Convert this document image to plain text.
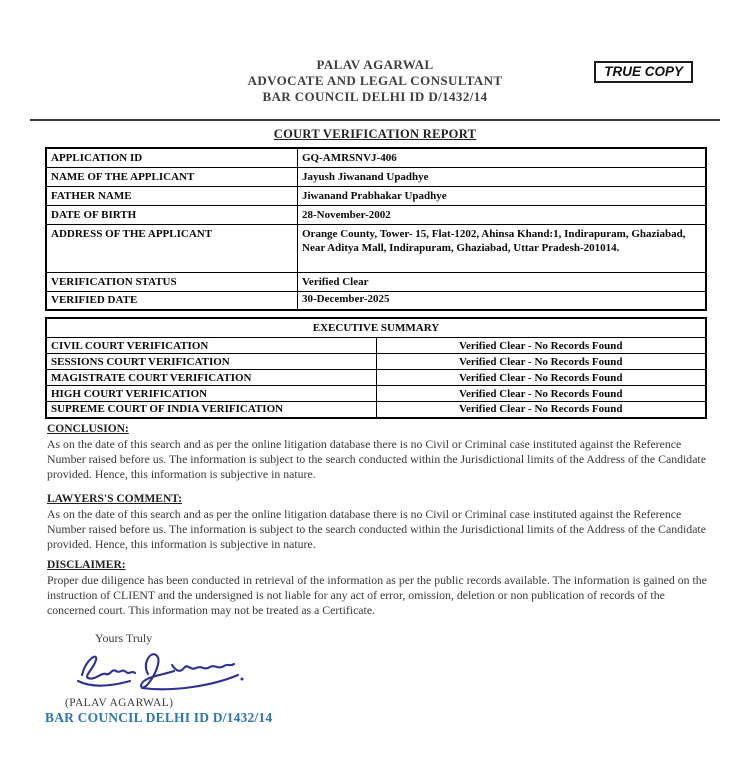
PALAV AGARWAL
ADVOCATE AND LEGAL CONSULTANT
BAR COUNCIL DELHI ID D/1432/14
TRUE COPY
COURT VERIFICATION REPORT
APPLICATION ID	GQ-AMRSNVJ-406
NAME OF THE APPLICANT	Jayush Jiwanand Upadhye
FATHER NAME	Jiwanand Prabhakar Upadhye
DATE OF BIRTH	28-November-2002
ADDRESS OF THE APPLICANT	Orange County, Tower- 15, Flat-1202, Ahinsa Khand:1, Indirapuram, Ghaziabad, Near Aditya Mall, Indirapuram, Ghaziabad, Uttar Pradesh-201014.
VERIFICATION STATUS	Verified Clear
VERIFIED DATE	30-December-2025
EXECUTIVE SUMMARY	
CIVIL COURT VERIFICATION	Verified Clear - No Records Found
SESSIONS COURT VERIFICATION	Verified Clear - No Records Found
MAGISTRATE COURT VERIFICATION	Verified Clear - No Records Found
HIGH COURT VERIFICATION	Verified Clear - No Records Found
SUPREME COURT OF INDIA VERIFICATION	Verified Clear - No Records Found
CONCLUSION:

As on the date of this search and as per the online litigation database there is no Civil or Criminal case instituted against the Reference Number raised before us. The information is subject to the search conducted within the Jurisdictional limits of the Address of the Candidate provided. Hence, this information is subjective in nature.

LAWYERS'S COMMENT:

As on the date of this search and as per the online litigation database there is no Civil or Criminal case instituted against the Reference Number raised before us. The information is subject to the search conducted within the Jurisdictional limits of the Address of the Candidate provided. Hence, this information is subjective in nature.

DISCLAIMER:

Proper due diligence has been conducted in retrieval of the information as per the public records available. The information is gained on the instruction of CLIENT and the undersigned is not liable for any act of error, omission, deletion or non publication of records of the concerned court. This information may not be treated as a Certificate.

Yours Truly
(PALAV AGARWAL)
BAR COUNCIL DELHI ID D/1432/14
